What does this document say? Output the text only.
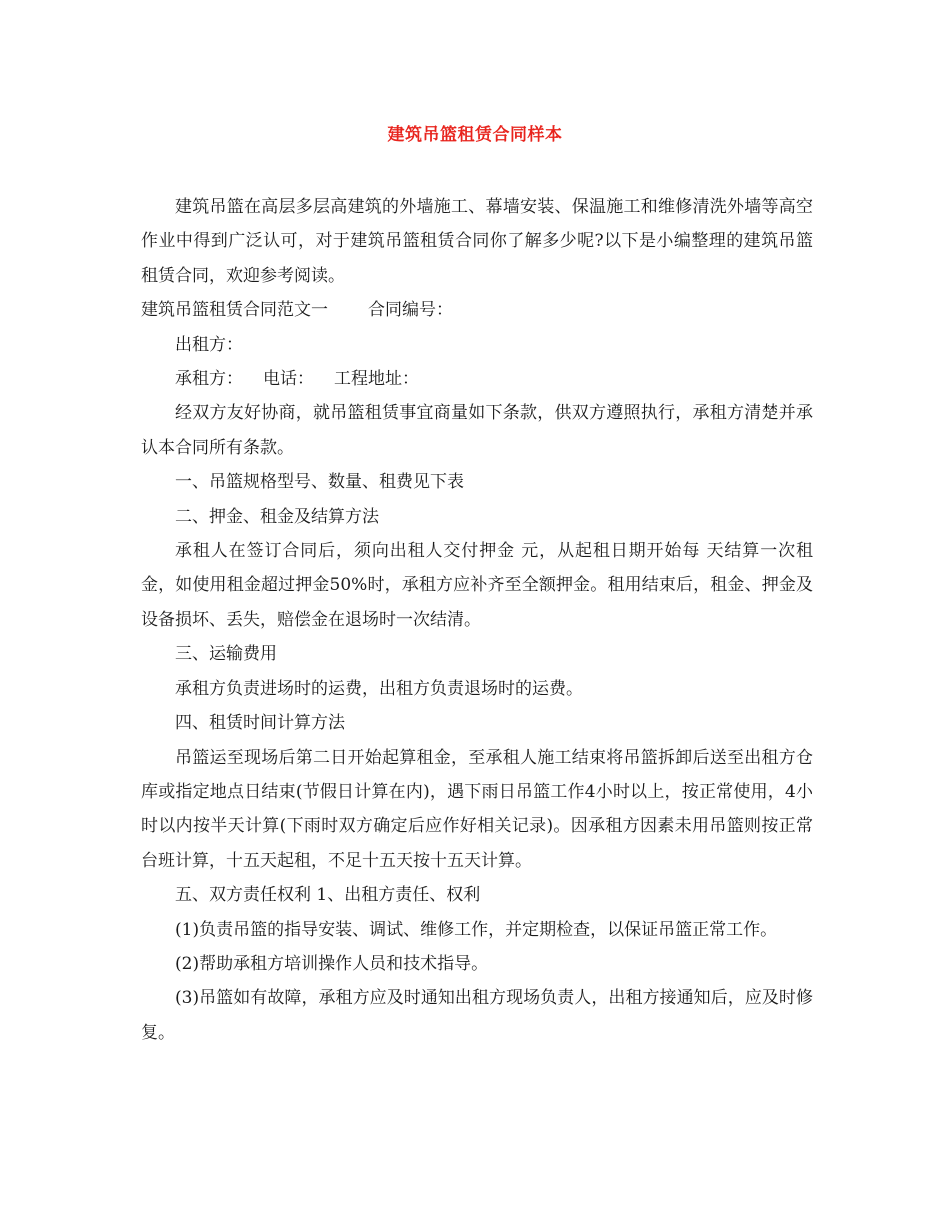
建筑吊篮租赁合同样本

建筑吊篮在高层多层高建筑的外墙施工、幕墙安装、保温施工和维修清洗外墙等高空作业中得到广泛认可，对于建筑吊篮租赁合同你了解多少呢?以下是小编整理的建筑吊篮租赁合同，欢迎参考阅读。

建筑吊篮租赁合同范文一 合同编号：

出租方：

承租方： 电话： 工程地址：

经双方友好协商，就吊篮租赁事宜商量如下条款，供双方遵照执行，承租方清楚并承认本合同所有条款。

一、吊篮规格型号、数量、租费见下表

二、押金、租金及结算方法

承租人在签订合同后，须向出租人交付押金 元，从起租日期开始每 天结算一次租金，如使用租金超过押金50%时，承租方应补齐至全额押金。租用结束后，租金、押金及设备损坏、丢失，赔偿金在退场时一次结清。

三、运输费用

承租方负责进场时的运费，出租方负责退场时的运费。

四、租赁时间计算方法

吊篮运至现场后第二日开始起算租金，至承租人施工结束将吊篮拆卸后送至出租方仓库或指定地点日结束(节假日计算在内)，遇下雨日吊篮工作4小时以上，按正常使用，4小时以内按半天计算(下雨时双方确定后应作好相关记录)。因承租方因素未用吊篮则按正常台班计算，十五天起租，不足十五天按十五天计算。

五、双方责任权利 1、出租方责任、权利

(1)负责吊篮的指导安装、调试、维修工作，并定期检查，以保证吊篮正常工作。

(2)帮助承租方培训操作人员和技术指导。

(3)吊篮如有故障，承租方应及时通知出租方现场负责人，出租方接通知后，应及时修复。
